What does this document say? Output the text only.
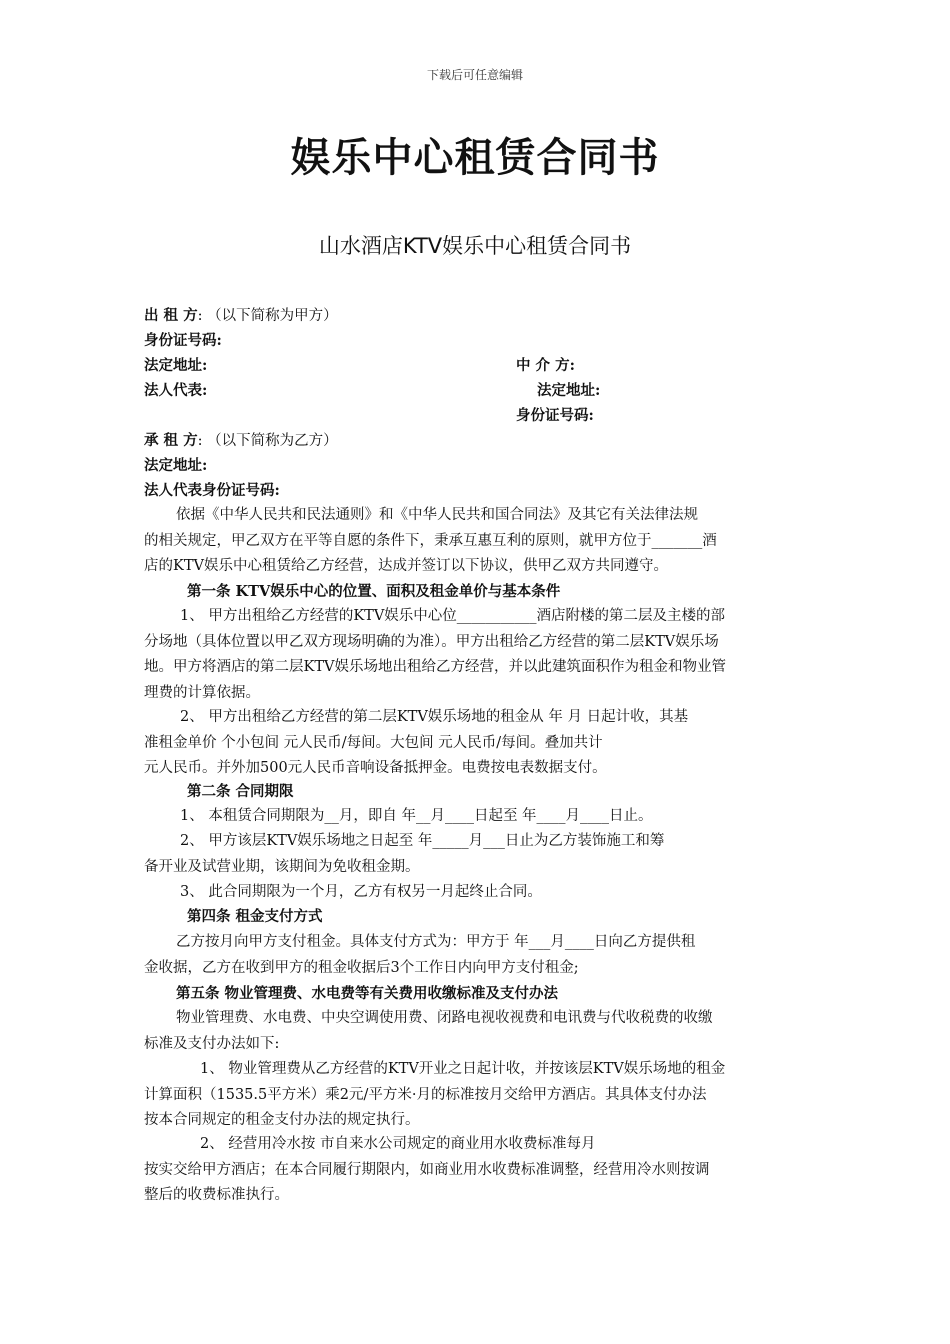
下载后可任意编辑
娱乐中心租赁合同书
山水酒店KTV娱乐中心租赁合同书
出 租 方: （以下简称为甲方）
身份证号码:
法定地址:
法人代表:
中 介 方:
法定地址:
身份证号码:
承 租 方: （以下简称为乙方）
法定地址:
法人代表身份证号码:
依据《中华人民共和民法通则》和《中华人民共和国合同法》及其它有关法律法规
的相关规定，甲乙双方在平等自愿的条件下，秉承互惠互利的原则，就甲方位于_______酒
店的KTV娱乐中心租赁给乙方经营，达成并签订以下协议，供甲乙双方共同遵守。
第一条 KTV娱乐中心的位置、面积及租金单价与基本条件
1、 甲方出租给乙方经营的KTV娱乐中心位___________酒店附楼的第二层及主楼的部
分场地（具体位置以甲乙双方现场明确的为准）。甲方出租给乙方经营的第二层KTV娱乐场
地。甲方将酒店的第二层KTV娱乐场地出租给乙方经营，并以此建筑面积作为租金和物业管
理费的计算依据。
2、 甲方出租给乙方经营的第二层KTV娱乐场地的租金从 年 月 日起计收，其基
准租金单价 个小包间 元人民币/每间。大包间 元人民币/每间。叠加共计
元人民币。并外加500元人民币音响设备抵押金。电费按电表数据支付。
第二条 合同期限
1、 本租赁合同期限为__月，即自 年__月____日起至 年____月____日止。
2、 甲方该层KTV娱乐场地之日起至 年_____月___日止为乙方装饰施工和筹
备开业及试营业期，该期间为免收租金期。
3、 此合同期限为一个月，乙方有权另一月起终止合同。
第四条 租金支付方式
乙方按月向甲方支付租金。具体支付方式为：甲方于 年___月____日向乙方提供租
金收据，乙方在收到甲方的租金收据后3个工作日内向甲方支付租金;
第五条 物业管理费、水电费等有关费用收缴标准及支付办法
物业管理费、水电费、中央空调使用费、闭路电视收视费和电讯费与代收税费的收缴
标准及支付办法如下:
1、 物业管理费从乙方经营的KTV开业之日起计收，并按该层KTV娱乐场地的租金
计算面积（1535.5平方米）乘2元/平方米·月的标准按月交给甲方酒店。其具体支付办法
按本合同规定的租金支付办法的规定执行。
2、 经营用冷水按 市自来水公司规定的商业用水收费标准每月
按实交给甲方酒店；在本合同履行期限内，如商业用水收费标准调整，经营用冷水则按调
整后的收费标准执行。
